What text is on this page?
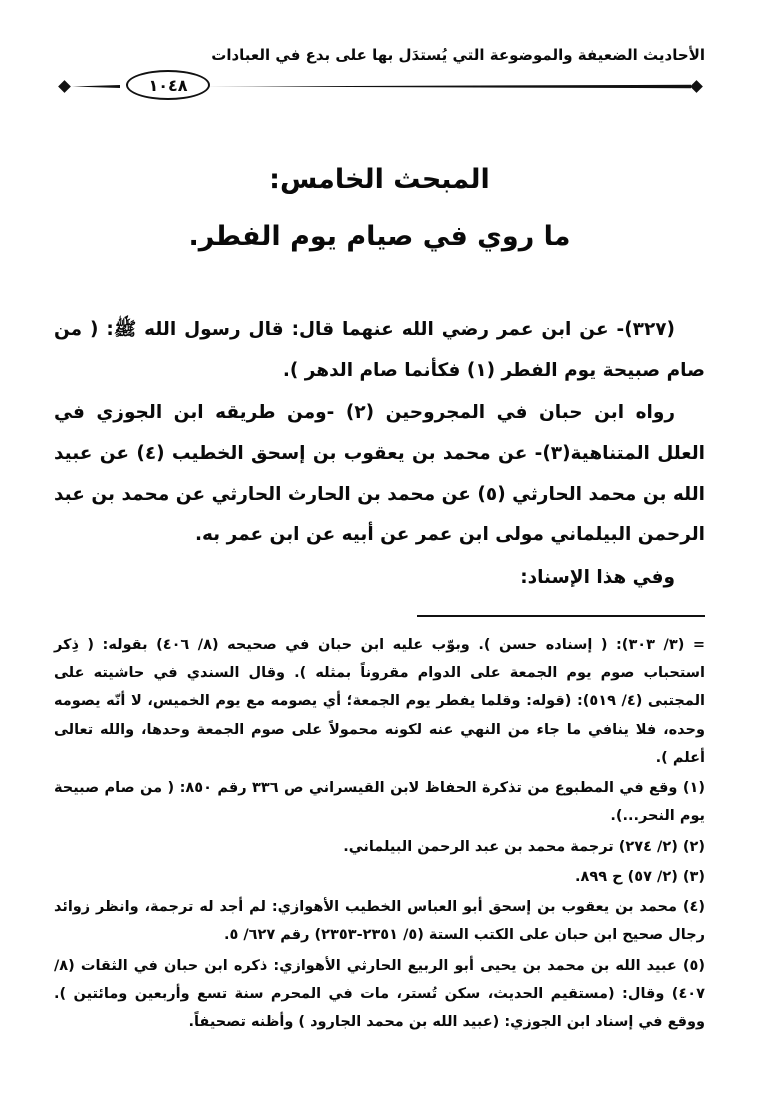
الأحاديث الضعيفة والموضوعة التي يُستدَل بها على بدع في العبادات
١٠٤٨
المبحث الخامس:
ما روي في صيام يوم الفطر.

(٣٢٧)- عن ابن عمر رضي الله عنهما قال: قال رسول الله ﷺ: ( من صام صبيحة يوم الفطر (١) فكأنما صام الدهر ).

رواه ابن حبان في المجروحين (٢) -ومن طريقه ابن الجوزي في العلل المتناهية(٣)- عن محمد بن يعقوب بن إسحق الخطيب (٤) عن عبيد الله بن محمد الحارثي (٥) عن محمد بن الحارث الحارثي عن محمد بن عبد الرحمن البيلماني مولى ابن عمر عن أبيه عن ابن عمر به.

وفي هذا الإسناد:

= (٣/ ٣٠٣): ( إسناده حسن ). وبوّب عليه ابن حبان في صحيحه (٨/ ٤٠٦) بقوله: ( ذِكر استحباب صوم يوم الجمعة على الدوام مقروناً بمثله ). وقال السندي في حاشيته على المجتبى (٤/ ٥١٩): (قوله: وقلما يفطر يوم الجمعة؛ أي يصومه مع يوم الخميس، لا أنّه يصومه وحده، فلا ينافي ما جاء من النهي عنه لكونه محمولاً على صوم الجمعة وحدها، والله تعالى أعلم ).

(١) وقع في المطبوع من تذكرة الحفاظ لابن القيسراني ص ٣٣٦ رقم ٨٥٠: ( من صام صبيحة يوم النحر...).

(٢) (٢/ ٢٧٤) ترجمة محمد بن عبد الرحمن البيلماني.

(٣) (٢/ ٥٧) ح ٨٩٩.

(٤) محمد بن يعقوب بن إسحق أبو العباس الخطيب الأهوازي: لم أجد له ترجمة، وانظر زوائد رجال صحيح ابن حبان على الكتب الستة (٥/ ٢٣٥١-٢٣٥٣) رقم ٦٢٧/ ٥.

(٥) عبيد الله بن محمد بن يحيى أبو الربيع الحارثي الأهوازي: ذكره ابن حبان في الثقات (٨/ ٤٠٧) وقال: (مستقيم الحديث، سكن تُستر، مات في المحرم سنة تسع وأربعين ومائتين ). ووقع في إسناد ابن الجوزي: (عبيد الله بن محمد الجارود ) وأظنه تصحيفاً.
